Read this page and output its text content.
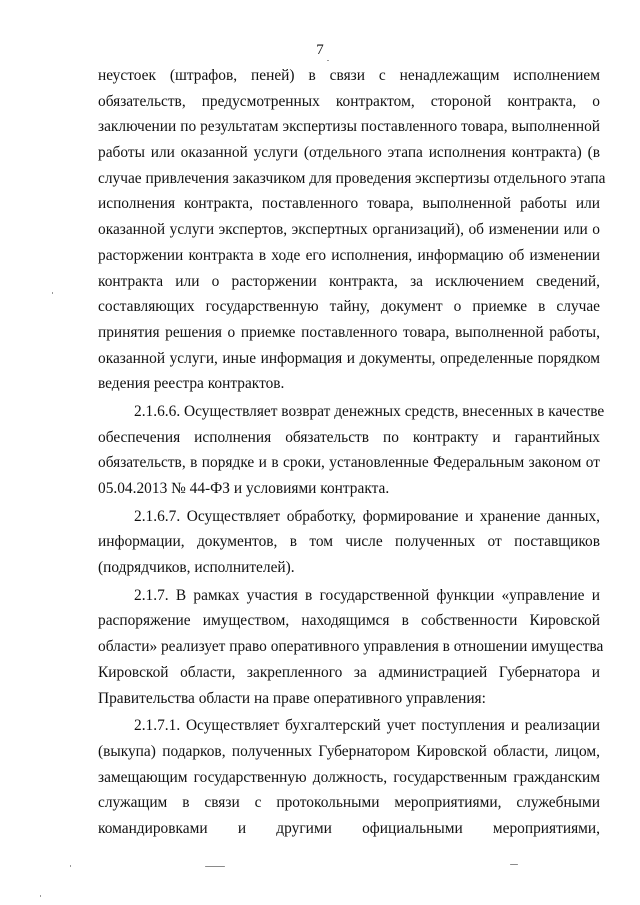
7
неустоек (штрафов, пеней) в связи с ненадлежащим исполнением
обязательств, предусмотренных контрактом, стороной контракта, о
заключении по результатам экспертизы поставленного товара, выполненной
работы или оказанной услуги (отдельного этапа исполнения контракта) (в
случае привлечения заказчиком для проведения экспертизы отдельного этапа
исполнения контракта, поставленного товара, выполненной работы или
оказанной услуги экспертов, экспертных организаций), об изменении или о
расторжении контракта в ходе его исполнения, информацию об изменении
контракта или о расторжении контракта, за исключением сведений,
составляющих государственную тайну, документ о приемке в случае
принятия решения о приемке поставленного товара, выполненной работы,
оказанной услуги, иные информация и документы, определенные порядком
ведения реестра контрактов.
2.1.6.6. Осуществляет возврат денежных средств, внесенных в качестве
обеспечения исполнения обязательств по контракту и гарантийных
обязательств, в порядке и в сроки, установленные Федеральным законом от
05.04.2013 № 44-ФЗ и условиями контракта.
2.1.6.7. Осуществляет обработку, формирование и хранение данных,
информации, документов, в том числе полученных от поставщиков
(подрядчиков, исполнителей).
2.1.7. В рамках участия в государственной функции «управление и
распоряжение имуществом, находящимся в собственности Кировской
области» реализует право оперативного управления в отношении имущества
Кировской области, закрепленного за администрацией Губернатора и
Правительства области на праве оперативного управления:
2.1.7.1. Осуществляет бухгалтерский учет поступления и реализации
(выкупа) подарков, полученных Губернатором Кировской области, лицом,
замещающим государственную должность, государственным гражданским
служащим в связи с протокольными мероприятиями, служебными
командировками и другими официальными мероприятиями,
